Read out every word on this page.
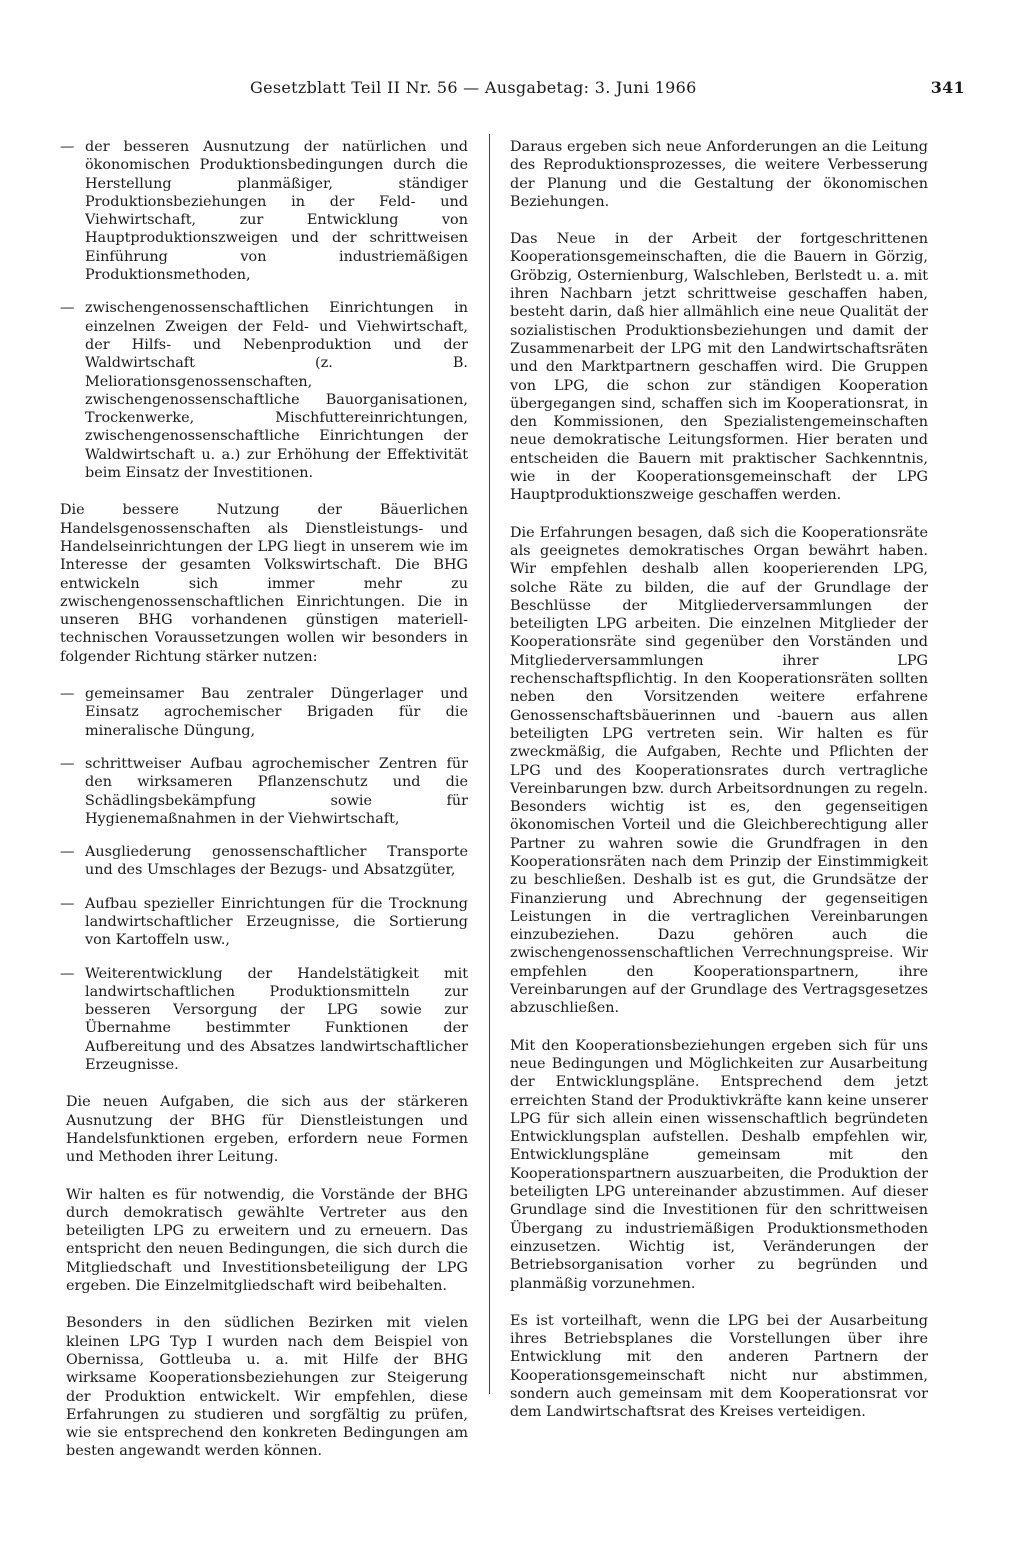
Gesetzblatt Teil II Nr. 56 — Ausgabetag: 3. Juni 1966	341
— der besseren Ausnutzung der natürlichen und ökonomischen Produktionsbedingungen durch die Herstellung planmäßiger, ständiger Produktionsbeziehungen in der Feld- und Viehwirtschaft, zur Entwicklung von Hauptproduktionszweigen und der schrittweisen Einführung von industriemäßigen Produktionsmethoden,
— zwischengenossenschaftlichen Einrichtungen in einzelnen Zweigen der Feld- und Viehwirtschaft, der Hilfs- und Nebenproduktion und der Waldwirtschaft (z. B. Meliorationsgenossenschaften, zwischengenossenschaftliche Bauorganisationen, Trockenwerke, Mischfuttereinrichtungen, zwischengenossenschaftliche Einrichtungen der Waldwirtschaft u. a.) zur Erhöhung der Effektivität beim Einsatz der Investitionen.

Die bessere Nutzung der Bäuerlichen Handelsgenossenschaften als Dienstleistungs- und Handelseinrichtungen der LPG liegt in unserem wie im Interesse der gesamten Volkswirtschaft. Die BHG entwickeln sich immer mehr zu zwischengenossenschaftlichen Einrichtungen. Die in unseren BHG vorhandenen günstigen materiell-technischen Voraussetzungen wollen wir besonders in folgender Richtung stärker nutzen:

— gemeinsamer Bau zentraler Düngerlager und Einsatz agrochemischer Brigaden für die mineralische Düngung,
— schrittweiser Aufbau agrochemischer Zentren für den wirksameren Pflanzenschutz und die Schädlingsbekämpfung sowie für Hygienemaßnahmen in der Viehwirtschaft,
— Ausgliederung genossenschaftlicher Transporte und des Umschlages der Bezugs- und Absatzgüter,
— Aufbau spezieller Einrichtungen für die Trocknung landwirtschaftlicher Erzeugnisse, die Sortierung von Kartoffeln usw.,
— Weiterentwicklung der Handelstätigkeit mit landwirtschaftlichen Produktionsmitteln zur besseren Versorgung der LPG sowie zur Übernahme bestimmter Funktionen der Aufbereitung und des Absatzes landwirtschaftlicher Erzeugnisse.

Die neuen Aufgaben, die sich aus der stärkeren Ausnutzung der BHG für Dienstleistungen und Handelsfunktionen ergeben, erfordern neue Formen und Methoden ihrer Leitung.

Wir halten es für notwendig, die Vorstände der BHG durch demokratisch gewählte Vertreter aus den beteiligten LPG zu erweitern und zu erneuern. Das entspricht den neuen Bedingungen, die sich durch die Mitgliedschaft und Investitionsbeteiligung der LPG ergeben. Die Einzelmitgliedschaft wird beibehalten.

Besonders in den südlichen Bezirken mit vielen kleinen LPG Typ I wurden nach dem Beispiel von Obernissa, Gottleuba u. a. mit Hilfe der BHG wirksame Kooperationsbeziehungen zur Steigerung der Produktion entwickelt. Wir empfehlen, diese Erfahrungen zu studieren und sorgfältig zu prüfen, wie sie entsprechend den konkreten Bedingungen am besten angewandt werden können.

Daraus ergeben sich neue Anforderungen an die Leitung des Reproduktionsprozesses, die weitere Verbesserung der Planung und die Gestaltung der ökonomischen Beziehungen.

Das Neue in der Arbeit der fortgeschrittenen Kooperationsgemeinschaften, die die Bauern in Görzig, Gröbzig, Osternienburg, Walschleben, Berlstedt u. a. mit ihren Nachbarn jetzt schrittweise geschaffen haben, besteht darin, daß hier allmählich eine neue Qualität der sozialistischen Produktionsbeziehungen und damit der Zusammenarbeit der LPG mit den Landwirtschaftsräten und den Marktpartnern geschaffen wird. Die Gruppen von LPG, die schon zur ständigen Kooperation übergegangen sind, schaffen sich im Kooperationsrat, in den Kommissionen, den Spezialistengemeinschaften neue demokratische Leitungsformen. Hier beraten und entscheiden die Bauern mit praktischer Sachkenntnis, wie in der Kooperationsgemeinschaft der LPG Hauptproduktionszweige geschaffen werden.

Die Erfahrungen besagen, daß sich die Kooperationsräte als geeignetes demokratisches Organ bewährt haben. Wir empfehlen deshalb allen kooperierenden LPG, solche Räte zu bilden, die auf der Grundlage der Beschlüsse der Mitgliederversammlungen der beteiligten LPG arbeiten. Die einzelnen Mitglieder der Kooperationsräte sind gegenüber den Vorständen und Mitgliederversammlungen ihrer LPG rechenschaftspflichtig. In den Kooperationsräten sollten neben den Vorsitzenden weitere erfahrene Genossenschaftsbäuerinnen und -bauern aus allen beteiligten LPG vertreten sein. Wir halten es für zweckmäßig, die Aufgaben, Rechte und Pflichten der LPG und des Kooperationsrates durch vertragliche Vereinbarungen bzw. durch Arbeitsordnungen zu regeln. Besonders wichtig ist es, den gegenseitigen ökonomischen Vorteil und die Gleichberechtigung aller Partner zu wahren sowie die Grundfragen in den Kooperationsräten nach dem Prinzip der Einstimmigkeit zu beschließen. Deshalb ist es gut, die Grundsätze der Finanzierung und Abrechnung der gegenseitigen Leistungen in die vertraglichen Vereinbarungen einzubeziehen. Dazu gehören auch die zwischengenossenschaftlichen Verrechnungspreise. Wir empfehlen den Kooperationspartnern, ihre Vereinbarungen auf der Grundlage des Vertragsgesetzes abzuschließen.

Mit den Kooperationsbeziehungen ergeben sich für uns neue Bedingungen und Möglichkeiten zur Ausarbeitung der Entwicklungspläne. Entsprechend dem jetzt erreichten Stand der Produktivkräfte kann keine unserer LPG für sich allein einen wissenschaftlich begründeten Entwicklungsplan aufstellen. Deshalb empfehlen wir, Entwicklungspläne gemeinsam mit den Kooperationspartnern auszuarbeiten, die Produktion der beteiligten LPG untereinander abzustimmen. Auf dieser Grundlage sind die Investitionen für den schrittweisen Übergang zu industriemäßigen Produktionsmethoden einzusetzen. Wichtig ist, Veränderungen der Betriebsorganisation vorher zu begründen und planmäßig vorzunehmen.

Es ist vorteilhaft, wenn die LPG bei der Ausarbeitung ihres Betriebsplanes die Vorstellungen über ihre Entwicklung mit den anderen Partnern der Kooperationsgemeinschaft nicht nur abstimmen, sondern auch gemeinsam mit dem Kooperationsrat vor dem Landwirtschaftsrat des Kreises verteidigen.
